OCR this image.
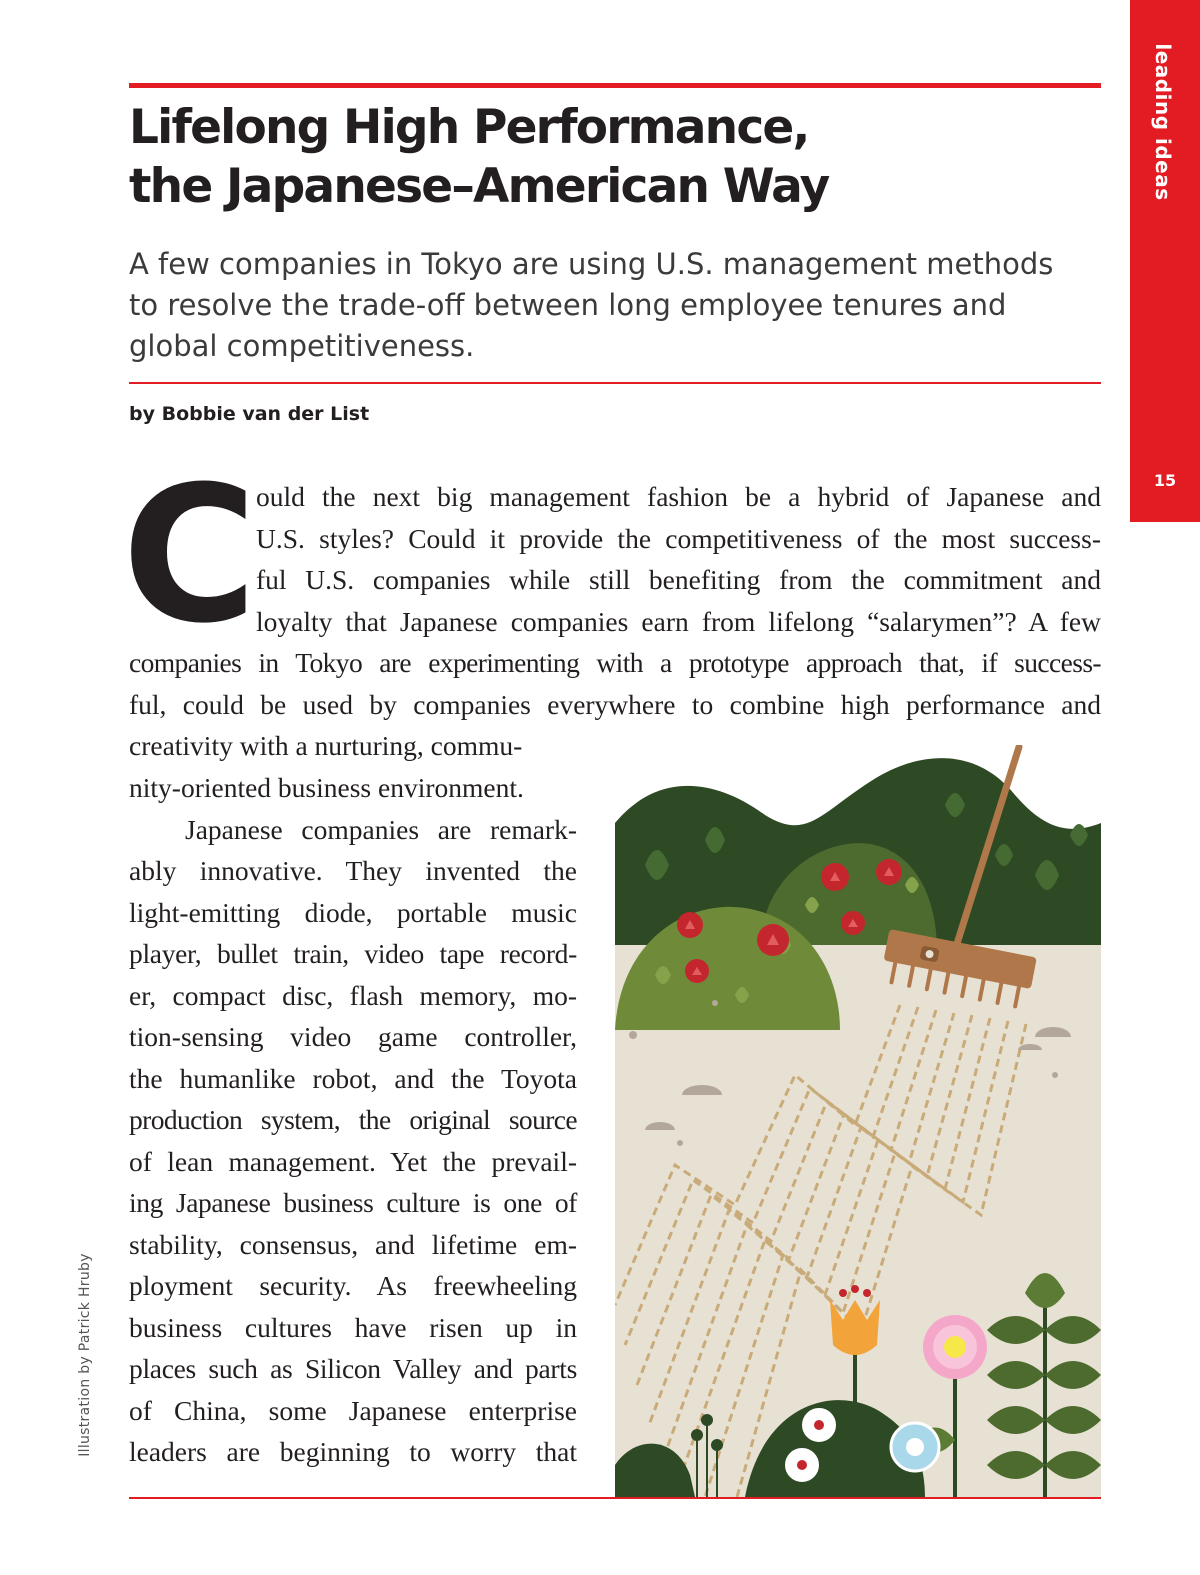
leading ideas
15
Lifelong High Performance,
the Japanese–American Way

A few companies in Tokyo are using U.S. management methods to resolve the trade-off between long employee tenures and global competitiveness.

by Bobbie van der List

C ould the next big management fashion be a hybrid of Japanese and
U.S. styles? Could it provide the competitiveness of the most success-
ful U.S. companies while still benefiting from the commitment and
loyalty that Japanese companies earn from lifelong “salarymen”? A few
companies in Tokyo are experimenting with a prototype approach that, if success-
ful, could be used by companies everywhere to combine high performance and
creativity with a nurturing, commu-
nity-oriented business environment.
Japanese companies are remark-
ably innovative. They invented the
light-emitting diode, portable music
player, bullet train, video tape record-
er, compact disc, flash memory, mo-
tion-sensing video game controller,
the humanlike robot, and the Toyota
production system, the original source
of lean management. Yet the prevail-
ing Japanese business culture is one of
stability, consensus, and lifetime em-
ployment security. As freewheeling
business cultures have risen up in
places such as Silicon Valley and parts
of China, some Japanese enterprise
leaders are beginning to worry that
Illustration by Patrick Hruby
